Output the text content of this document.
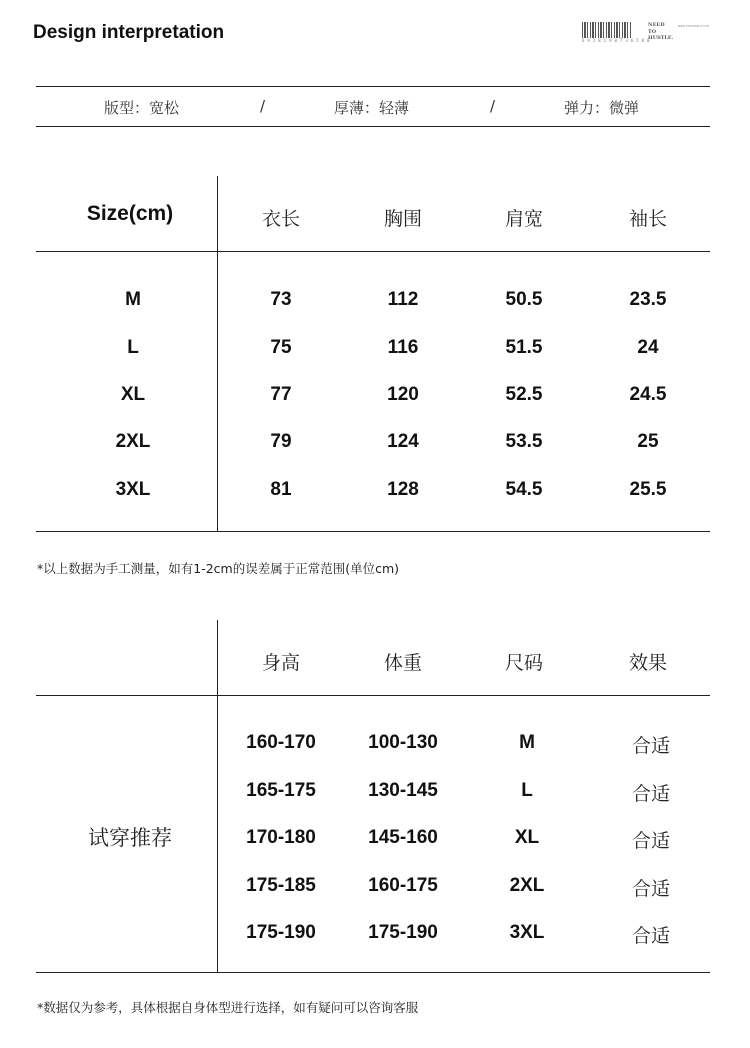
Design interpretation	6 9 2 8 1 9 0 7 3 6 5 8 0
NEED
TO
HUSTLE.
NEW FASHION STYLE
版型：宽松	/	厚薄：轻薄	/	弹力：微弹
Size(cm)	衣长	胸围	肩宽	袖长
M	73	112	50.5	23.5
L	75	116	51.5	24
XL	77	120	52.5	24.5
2XL	79	124	53.5	25
3XL	81	128	54.5	25.5
*以上数据为手工测量，如有1-2cm的误差属于正常范围(单位cm)
身高	体重	尺码	效果
试穿推荐
160-170	100-130	M	合适
165-175	130-145	L	合适
170-180	145-160	XL	合适
175-185	160-175	2XL	合适
175-190	175-190	3XL	合适
*数据仅为参考，具体根据自身体型进行选择，如有疑问可以咨询客服
